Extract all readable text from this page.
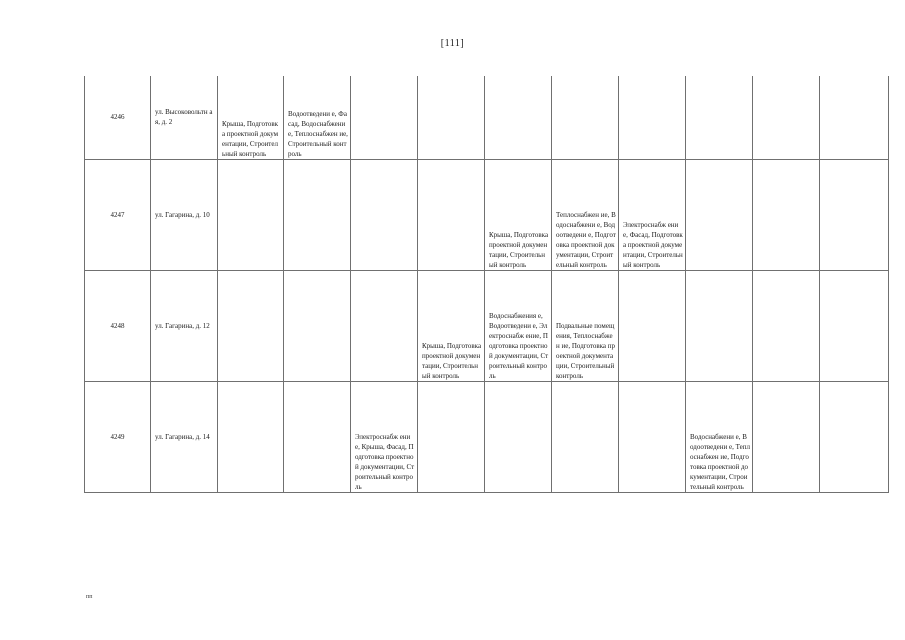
[111]
4246	ул. Высоковольтн ая, д. 2	Крыша, Подготовка проектной документации, Строительный контроль	Водоотведени е, Фасад, Водоснабжени е, Теплоснабжен ие, Строительный контроль								

4247	ул. Гагарина, д. 10					Крыша, Подготовка проектной документации, Строительный контроль	Теплоснабжен ие, Водоснабжени е, Водоотведени е, Подготовка проектной документации, Строительный контроль	Электроснабж ение, Фасад, Подготовка проектной документации, Строительный контроль			

4248	ул. Гагарина, д. 12				Крыша, Подготовка проектной документации, Строительный контроль	Водоснабжения е, Водоотведени е, Электроснабж ение, Подготовка проектной документации, Строительный контроль	Подвальные помещения, Теплоснабжен ие, Подготовка проектной документации, Строительный контроль				

4249	ул. Гагарина, д. 14			Электроснабж ение, Крыша, Фасад, Подготовка проектной документации, Строительный контроль					Водоснабжени е, Водоотведени е, Теплоснабжен ие, Подготовка проектной документации, Строительный контроль		

пп
